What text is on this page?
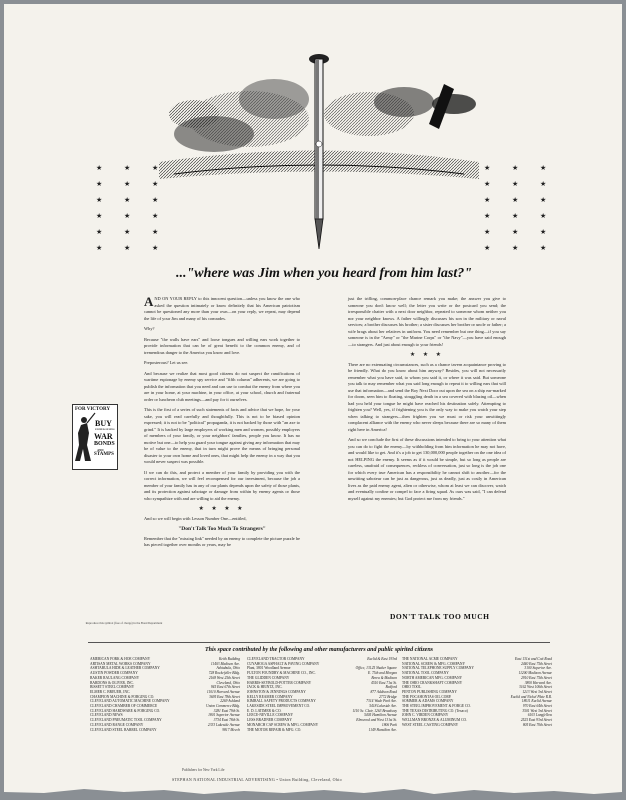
★ ★ ★
★ ★ ★
★ ★ ★
★ ★ ★
★ ★ ★
★ ★ ★
★ ★ ★
★ ★ ★
★ ★ ★
★ ★ ★
★ ★ ★
★ ★ ★
..."where was Jim when you heard from him last?"
FOR VICTORY
BUY
UNITED STATES
WAR
BONDS
AND
STAMPS

AND ON YOUR REPLY to this innocent question—unless you know the one who asked the question intimately or know definitely that his American patriotism cannot be questioned any more than your own—on your reply, we repeat, may depend the life of your Jim and many of his comrades.

Why?

Because "the walls have ears" and loose tongues and willing ears work together to provide information that can be of great benefit to the common enemy, and of tremendous danger to the America you know and love.

Preposterous? Let us see.

And because we realize that most good citizens do not suspect the ramifications of wartime espionage by enemy spy service and "fifth column" adherents, we are going to publish the information that you need and can use to combat the enemy from where you are in your home, at your machine, in your office, at your school, church and fraternal order or luncheon club meetings—and pay for it ourselves.

This is the first of a series of such statements of facts and advice that we hope, for your sake, you will read carefully and thoughtfully. This is not to be biased opinion expressed; it is not to be "political" propaganda, it is not backed by those with "an axe to grind." It is backed by large employers of working men and women, possibly employers of members of your family, or your neighbors' families, people you know. It has no motive but one—to help you guard your tongue against giving any information that may be of value to the enemy, that in turn might prove the means of bringing personal disaster to your own home and loved ones, that might help the enemy in a way that you would never suspect was possible.

If we can do this, and protect a member of your family by providing you with the correct information, we will feel recompensed for our investment, because the job a member of your family has in any of our plants depends upon the safety of those plants, and its protection against sabotage or damage from within by enemy agents or those who sympathize with and are willing to aid the enemy.

★ ★ ★ ★

And so we will begin with Lesson Number One—entitled,

"Don't Talk Too Much To Strangers"

Remember that the "missing link" needed by an enemy to complete the picture puzzle he has pieced together over months or years, may be

just the trifling, common-place chance remark you make; the answer you give to someone you don't know well; the letter you write or the postcard you send; the irresponsible chatter with a next door neighbor, repeated to someone whom neither you nor your neighbor knows. A father willingly discusses his son in the military or naval services; a brother discusses his brother; a sister discusses her brother or uncle or father; a wife brags about her relatives in uniform. You need remember but one thing—if you say someone is in the "Army" or "the Marine Corps" or "the Navy"—you have said enough—to strangers. And just about enough to your friends!

★ ★ ★

There are no extenuating circumstances, such as a chance tavern acquaintance proving to be friendly. What do you know about him anyway? Besides, you will not necessarily remember what you have said, to whom you said it, or where it was said. But someone you talk to may remember what you said long enough to repeat it to willing ears that will use that information—and send the Boy Next Door out upon the sea on a ship ear-marked for doom, seen him to floating, struggling death in a sea covered with blazing oil—when had you held your tongue he might have reached his destination safely. Attempting to frighten you? Well, yes, if frightening you is the only way to make you watch your step when talking to strangers—then frighten you we must or risk your unwittingly complacent alliance with the enemy who never sleeps because there are so many of them right here in America!

And so we conclude the first of these discussions intended to bring to your attention what you can do to fight the enemy—by withholding from him information he may not have, and would like to get. And it's a job to get 130,000,000 people together on the one idea of not HELPING the enemy. It seems as if it would be simple, but so long as people are careless, unafraid of consequences, reckless of conversation, just so long is the job one for which every true American has a responsibility he cannot shift to another—for the unwitting saboteur can be just as dangerous, just as deadly, just as costly in American lives as the paid enemy agent, alien or otherwise, whom at least we can discover, watch and eventually confine or compel to face a firing squad. As ours was said, "I can defend myself against my enemies; but God protect me from my friends."

DON'T TALK TOO MUCH
Reproduce this symbol (free of charge) in the Bond Department
This space contributed by the following and other manufacturers and public spirited citizens
Keith Building
AMERICAN FORK & HOE COMPANY
11403 Madison Ave.
ARTISAN METAL WORKS COMPANY
Ashtabula, Ohio
ASHTABULA HIDE & LEATHER COMPANY
728 Rockefeller Bldg.
AUSTIN POWDER COMPANY
2168 West 25th Street
BAKER RAULANG COMPANY
Cleveland, Ohio
BARDONS & OLIVER, INC.
945 East 67th Street
BISSETT STEEL COMPANY
11010 Harvard Avenue
ELMER C. BREUER, INC.
3695 East 78th Street
CHAMPION MACHINE & FORGING CO.
2269 Ashland
CLEVELAND AUTOMATIC MACHINE COMPANY
Union Commerce Bldg.
CLEVELAND CHAMBER OF COMMERCE
3281 East 79th St.
CLEVELAND HARDWARE & FORGING CO.
1801 Superior Avenue
CLEVELAND NEWS
3734 East 78th St.
CLEVELAND PNEUMATIC TOOL COMPANY
2333 Lakeside Avenue
CLEVELAND RANGE COMPANY
9817 Meech
CLEVELAND STEEL BARREL COMPANY
Euclid & East 193rd
CLEVELAND TRACTOR COMPANY
CUYAHOGA ASPHALT & PAVING COMPANY
Office, 13125 Shaker Square
Plant, 3801 Woodland Avenue
E. 75th and Morgan
FULTON FOUNDRY & MACHINE CO., INC.
Berea & Madison
THE GLIDDEN COMPANY
4510 East 71st St.
HARRIS-SEYBOLD-POTTER COMPANY
Bedford
JACK & HEINTZ, INC.
877 Addison Road
JOHNSTON & JENNINGS COMPANY
2772 Bridge
KELLY REAMER COMPANY
7314 Wade Park Ave.
KIMBALL SAFETY PRODUCTS COMPANY
5418 Lakeside Ave.
LAKESIDE STEEL IMPROVEMENT CO.
1110 Sc. Clair, 1263 Broadway
E. D. LATIMER & CO.
5405 Hamilton Avenue
LEECE-NEVILLE COMPANY
Elmwood and West 131st St.
LESS BRADNER COMPANY
1806 Park
MONARCH CAP SCREW & MFG. COMPANY
1149 Hamilton Ave.
THE MOTOR REPAIR & MFG. CO.
East 131st and Coit Road
THE NATIONAL ACME COMPANY
2440 East 75th Street
NATIONAL SCREW & MFG. COMPANY
3100 Superior Ave.
NATIONAL TELEPHONE SUPPLY COMPANY
11200 Madison Avenue
NATIONAL TOOL COMPANY
2910 East 75th Street
NORTH AMERICAN MFG. COMPANY
3800 Harvard Ave.
THE OHIO CRANKSHAFT COMPANY
3162 West 106th Street
OHIO TOOL
1213 West 3rd Street
PENTON PUBLISHING COMPANY
Euclid and Nickel Plate R.R.
THE POCAHONTAS OIL CORP.
18011 Euclid Avenue
SOMMER & ADAMS COMPANY
970 East 64th Street
THE STEEL IMPROVEMENT & FORGE CO.
3501 West 3rd Street
THE TEXAS DISTRIBUTING CO. (Texaco)
6103 Longfellow
JOHN C. VIRDEN COMPANY
2525 East 93rd Street
WELLMAN BRONZE & ALUMINUM CO.
805 East 70th Street
WEST STEEL CASTING COMPANY
Publishers for New York Life
STEPHAN NATIONAL INDUSTRIAL ADVERTISING • Union Building, Cleveland, Ohio
